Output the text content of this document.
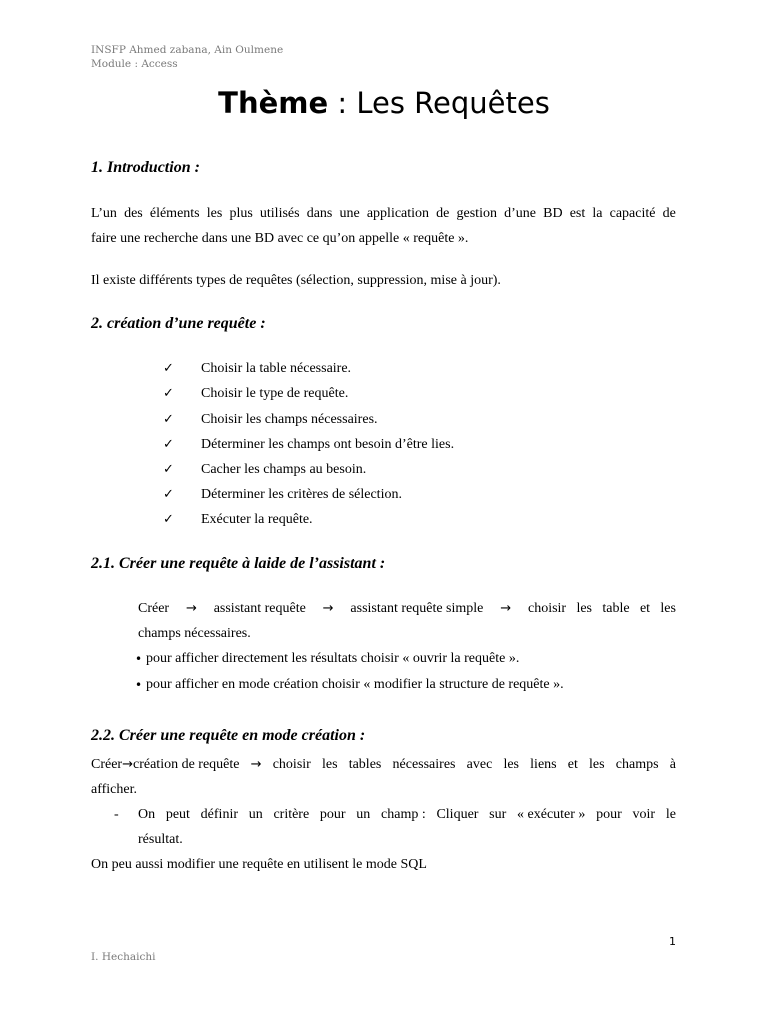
INSFP Ahmed zabana, Ain Oulmene
Module : Access
Thème : Les Requêtes
1. Introduction :
L’un des éléments les plus utilisés dans une application de gestion d’une BD est la capacité de
faire une recherche dans une BD avec ce qu’on appelle « requête ».
Il existe différents types de requêtes (sélection, suppression, mise à jour).
2. création d’une requête :
✓ Choisir la table nécessaire.
✓ Choisir le type de requête.
✓ Choisir les champs nécessaires.
✓ Déterminer les champs ont besoin d’être lies.
✓ Cacher les champs au besoin.
✓ Déterminer les critères de sélection.
✓ Exécuter la requête.
2.1. Créer une requête à laide de l’assistant :
Créer → assistant requête → assistant requête simple → choisir les table et les
champs nécessaires.
• pour afficher directement les résultats choisir « ouvrir la requête ».
• pour afficher en mode création choisir « modifier la structure de requête ».
2.2. Créer une requête en mode création :
Créer→création de requête → choisir les tables nécessaires avec les liens et les champs à
afficher.
- On peut définir un critère pour un champ : Cliquer sur « exécuter » pour voir le
résultat.
On peu aussi modifier une requête en utilisent le mode SQL
1
I. Hechaichi
